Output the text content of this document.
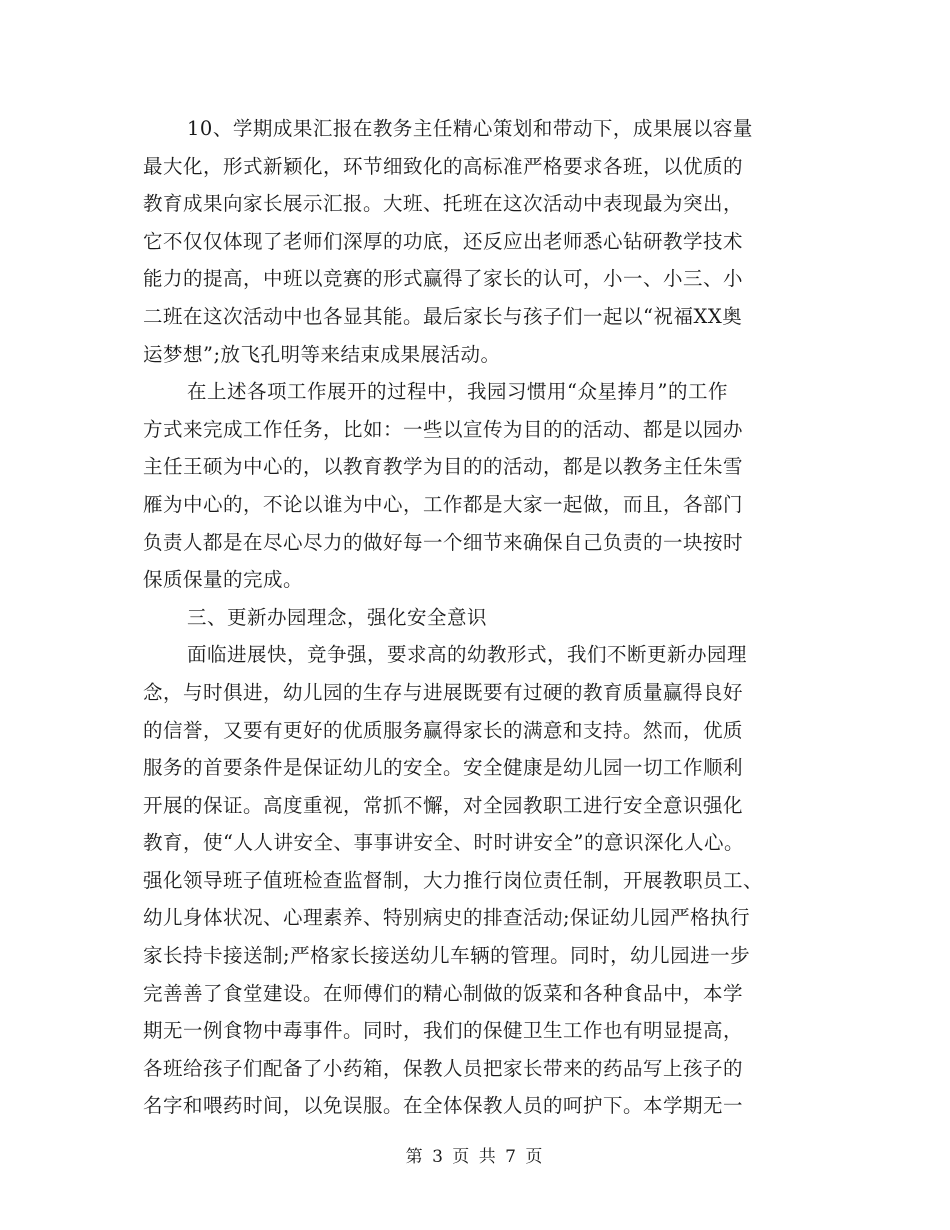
10、学期成果汇报在教务主任精心策划和带动下，成果展以容量
最大化，形式新颖化，环节细致化的高标准严格要求各班，以优质的
教育成果向家长展示汇报。大班、托班在这次活动中表现最为突出，
它不仅仅体现了老师们深厚的功底，还反应出老师悉心钻研教学技术
能力的提高，中班以竞赛的形式赢得了家长的认可，小一、小三、小
二班在这次活动中也各显其能。最后家长与孩子们一起以“祝福XX奥
运梦想”;放飞孔明等来结束成果展活动。
在上述各项工作展开的过程中，我园习惯用“众星捧月”的工作
方式来完成工作任务，比如：一些以宣传为目的的活动、都是以园办
主任王硕为中心的，以教育教学为目的的活动，都是以教务主任朱雪
雁为中心的，不论以谁为中心，工作都是大家一起做，而且，各部门
负责人都是在尽心尽力的做好每一个细节来确保自己负责的一块按时
保质保量的完成。
三、更新办园理念，强化安全意识
面临进展快，竞争强，要求高的幼教形式，我们不断更新办园理
念，与时俱进，幼儿园的生存与进展既要有过硬的教育质量赢得良好
的信誉，又要有更好的优质服务赢得家长的满意和支持。然而，优质
服务的首要条件是保证幼儿的安全。安全健康是幼儿园一切工作顺利
开展的保证。高度重视，常抓不懈，对全园教职工进行安全意识强化
教育，使“人人讲安全、事事讲安全、时时讲安全”的意识深化人心。
强化领导班子值班检查监督制，大力推行岗位责任制，开展教职员工、
幼儿身体状况、心理素养、特别病史的排查活动;保证幼儿园严格执行
家长持卡接送制;严格家长接送幼儿车辆的管理。同时，幼儿园进一步
完善善了食堂建设。在师傅们的精心制做的饭菜和各种食品中，本学
期无一例食物中毒事件。同时，我们的保健卫生工作也有明显提高，
各班给孩子们配备了小药箱，保教人员把家长带来的药品写上孩子的
名字和喂药时间，以免误服。在全体保教人员的呵护下。本学期无一
第 3 页 共 7 页
